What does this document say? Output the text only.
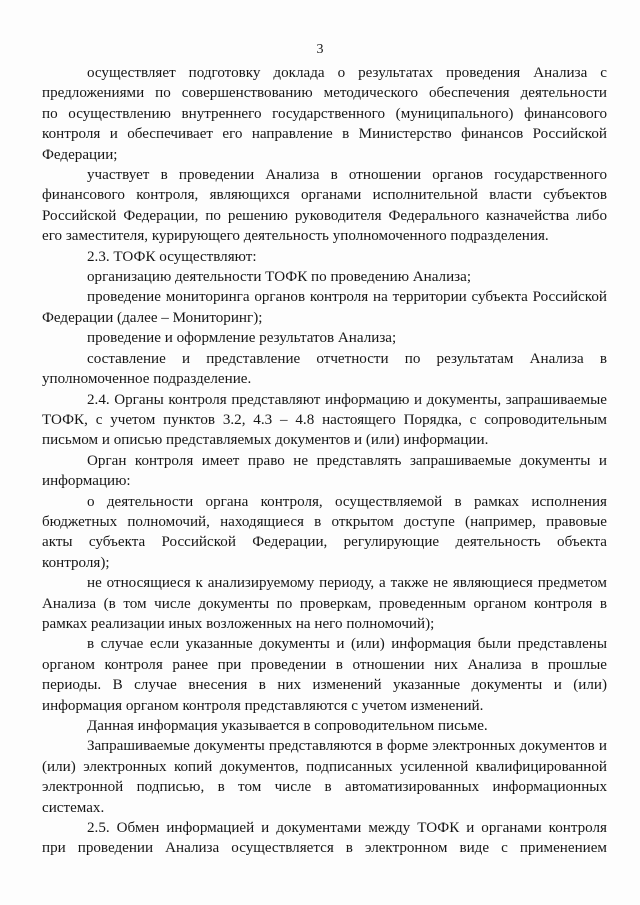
3
осуществляет подготовку доклада о результатах проведения Анализа с
предложениями по совершенствованию методического обеспечения деятельности
по осуществлению внутреннего государственного (муниципального) финансового
контроля и обеспечивает его направление в Министерство финансов Российской
Федерации;
участвует в проведении Анализа в отношении органов государственного
финансового контроля, являющихся органами исполнительной власти субъектов
Российской Федерации, по решению руководителя Федерального казначейства либо
его заместителя, курирующего деятельность уполномоченного подразделения.
2.3. ТОФК осуществляют:
организацию деятельности ТОФК по проведению Анализа;
проведение мониторинга органов контроля на территории субъекта Российской
Федерации (далее – Мониторинг);
проведение и оформление результатов Анализа;
составление и представление отчетности по результатам Анализа в
уполномоченное подразделение.
2.4. Органы контроля представляют информацию и документы, запрашиваемые
ТОФК, с учетом пунктов 3.2, 4.3 – 4.8 настоящего Порядка, с сопроводительным
письмом и описью представляемых документов и (или) информации.
Орган контроля имеет право не представлять запрашиваемые документы и
информацию:
о деятельности органа контроля, осуществляемой в рамках исполнения
бюджетных полномочий, находящиеся в открытом доступе (например, правовые
акты субъекта Российской Федерации, регулирующие деятельность объекта
контроля);
не относящиеся к анализируемому периоду, а также не являющиеся предметом
Анализа (в том числе документы по проверкам, проведенным органом контроля в
рамках реализации иных возложенных на него полномочий);
в случае если указанные документы и (или) информация были представлены
органом контроля ранее при проведении в отношении них Анализа в прошлые
периоды. В случае внесения в них изменений указанные документы и (или)
информация органом контроля представляются с учетом изменений.
Данная информация указывается в сопроводительном письме.
Запрашиваемые документы представляются в форме электронных документов и
(или) электронных копий документов, подписанных усиленной квалифицированной
электронной подписью, в том числе в автоматизированных информационных
системах.
2.5. Обмен информацией и документами между ТОФК и органами контроля
при проведении Анализа осуществляется в электронном виде с применением
